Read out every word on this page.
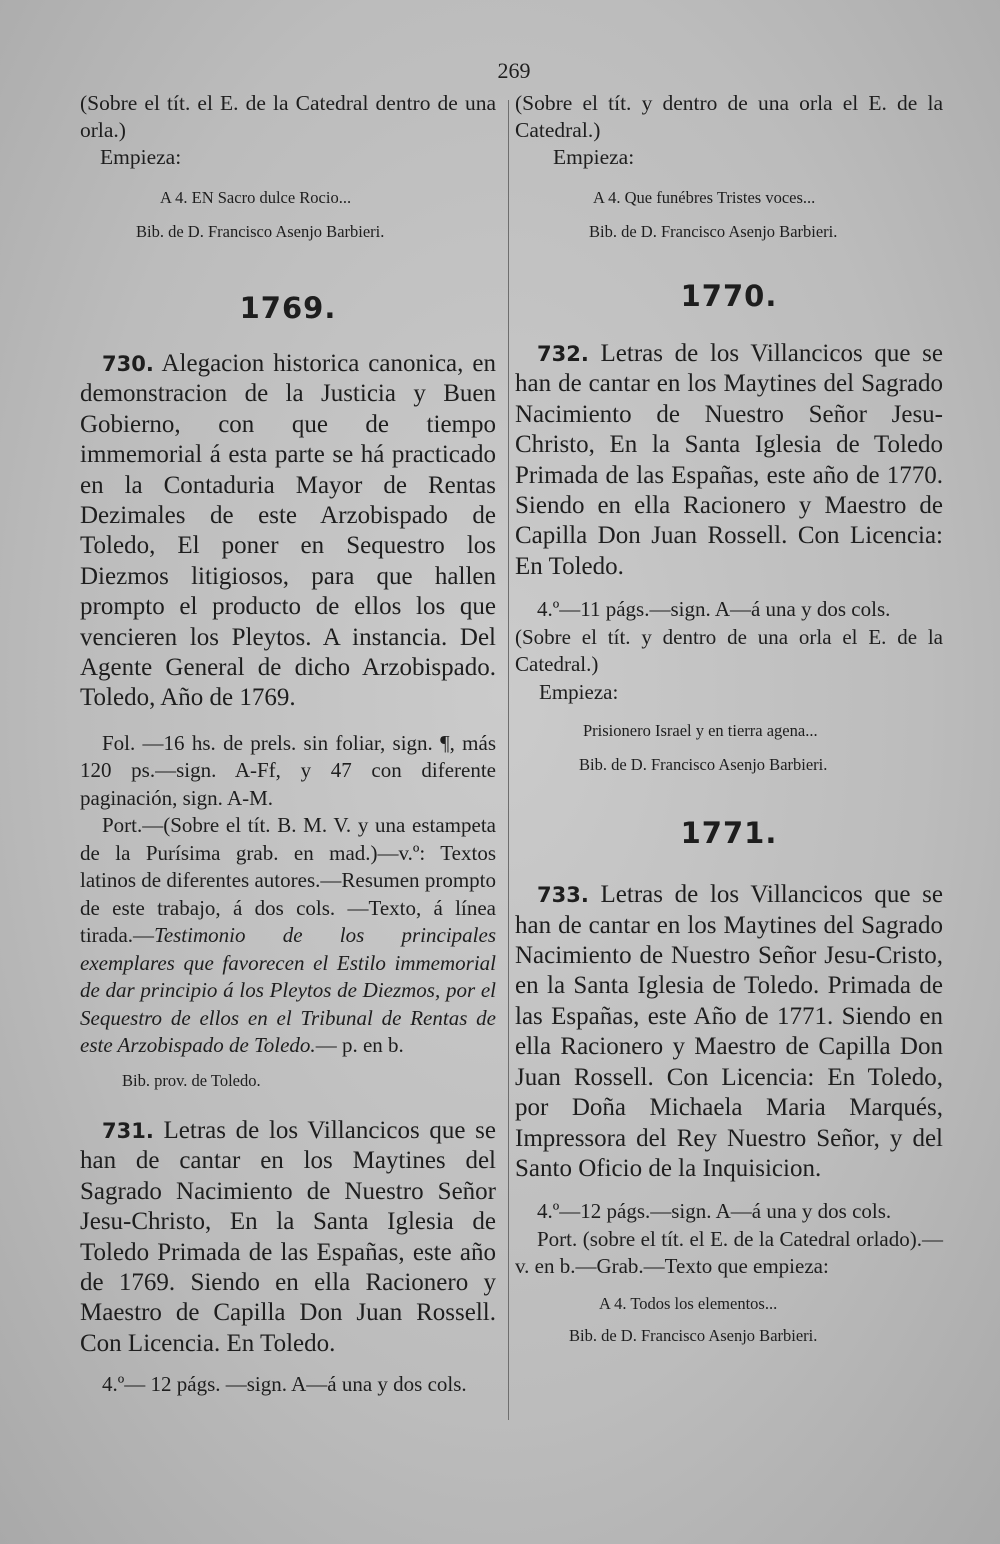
269

(Sobre el tít. el E. de la Catedral dentro de una orla.)

Empieza:

A 4. EN Sacro dulce Rocio...

Bib. de D. Francisco Asenjo Barbieri.

1769.

730. Alegacion historica canonica, en demonstracion de la Justicia y Buen Gobierno, con que de tiempo immemorial á esta parte se há practicado en la Contaduria Mayor de Rentas Dezimales de este Arzobispado de Toledo, El poner en Sequestro los Diezmos litigiosos, para que hallen prompto el producto de ellos los que vencieren los Pleytos. A instancia. Del Agente General de dicho Arzobispado. Toledo, Año de 1769.

Fol. —16 hs. de prels. sin foliar, sign. ¶, más 120 ps.—sign. A-Ff, y 47 con diferente paginación, sign. A-M.

Port.—(Sobre el tít. B. M. V. y una estampeta de la Purísima grab. en mad.)—v.º: Textos latinos de diferentes autores.—Resumen prompto de este trabajo, á dos cols. —Texto, á línea tirada.—Testimonio de los principales exemplares que favorecen el Estilo immemorial de dar principio á los Pleytos de Diezmos, por el Sequestro de ellos en el Tribunal de Rentas de este Arzobispado de Toledo.— p. en b.

Bib. prov. de Toledo.

731. Letras de los Villancicos que se han de cantar en los Maytines del Sagrado Nacimiento de Nuestro Señor Jesu-Christo, En la Santa Iglesia de Toledo Primada de las Españas, este año de 1769. Siendo en ella Racionero y Maestro de Capilla Don Juan Rossell. Con Licencia. En Toledo.

4.º— 12 págs. —sign. A—á una y dos cols.

(Sobre el tít. y dentro de una orla el E. de la Catedral.)

Empieza:

A 4. Que funébres Tristes voces...

Bib. de D. Francisco Asenjo Barbieri.

1770.

732. Letras de los Villancicos que se han de cantar en los Maytines del Sagrado Nacimiento de Nuestro Señor Jesu-Christo, En la Santa Iglesia de Toledo Primada de las Españas, este año de 1770. Siendo en ella Racionero y Maestro de Capilla Don Juan Rossell. Con Licencia: En Toledo.

4.º—11 págs.—sign. A—á una y dos cols.

(Sobre el tít. y dentro de una orla el E. de la Catedral.)

Empieza:

Prisionero Israel y en tierra agena...

Bib. de D. Francisco Asenjo Barbieri.

1771.

733. Letras de los Villancicos que se han de cantar en los Maytines del Sagrado Nacimiento de Nuestro Señor Jesu-Cristo, en la Santa Iglesia de Toledo. Primada de las Españas, este Año de 1771. Siendo en ella Racionero y Maestro de Capilla Don Juan Rossell. Con Licencia: En Toledo, por Doña Michaela Maria Marqués, Impressora del Rey Nuestro Señor, y del Santo Oficio de la Inquisicion.

4.º—12 págs.—sign. A—á una y dos cols.

Port. (sobre el tít. el E. de la Catedral orlado).—v. en b.—Grab.—Texto que empieza:

A 4. Todos los elementos...

Bib. de D. Francisco Asenjo Barbieri.
